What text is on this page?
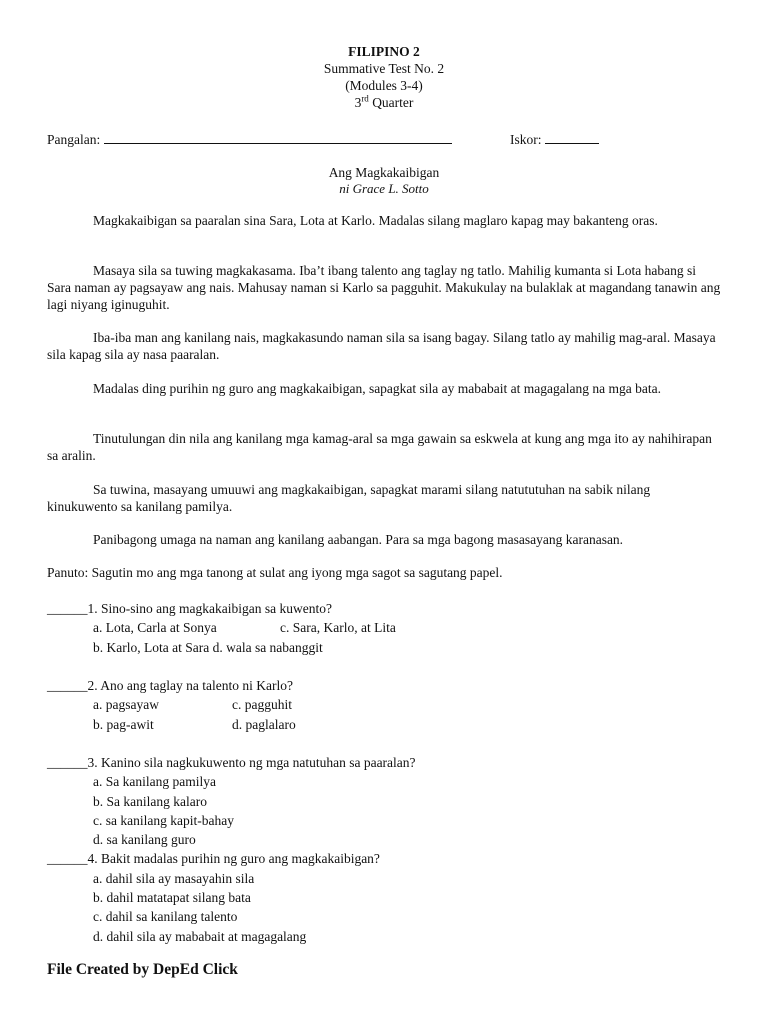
FILIPINO 2
Summative Test No. 2
(Modules 3-4)
3rd Quarter
Pangalan:	Iskor:
Ang Magkakaibigan
ni Grace L. Sotto
Magkakaibigan sa paaralan sina Sara, Lota at Karlo. Madalas silang maglaro kapag may bakanteng oras.
Masaya sila sa tuwing magkakasama. Iba’t ibang talento ang taglay ng tatlo. Mahilig kumanta si Lota habang si Sara naman ay pagsayaw ang nais. Mahusay naman si Karlo sa pagguhit. Makukulay na bulaklak at magandang tanawin ang lagi niyang iginuguhit.
Iba-iba man ang kanilang nais, magkakasundo naman sila sa isang bagay. Silang tatlo ay mahilig mag-aral. Masaya sila kapag sila ay nasa paaralan.
Madalas ding purihin ng guro ang magkakaibigan, sapagkat sila ay mababait at magagalang na mga bata.
Tinutulungan din nila ang kanilang mga kamag-aral sa mga gawain sa eskwela at kung ang mga ito ay nahihirapan sa aralin.
Sa tuwina, masayang umuuwi ang magkakaibigan, sapagkat marami silang natututuhan na sabik nilang kinukuwento sa kanilang pamilya.
Panibagong umaga na naman ang kanilang aabangan. Para sa mga bagong masasayang karanasan.
Panuto: Sagutin mo ang mga tanong at sulat ang iyong mga sagot sa sagutang papel.
______1. Sino-sino ang magkakaibigan sa kuwento?
a. Lota, Carla at Sonya	c. Sara, Karlo, at Lita
b. Karlo, Lota at Sara d. wala sa nabanggit
______2. Ano ang taglay na talento ni Karlo?
a. pagsayaw	c. pagguhit
b. pag-awit	d. paglalaro
______3. Kanino sila nagkukuwento ng mga natutuhan sa paaralan?
a. Sa kanilang pamilya
b. Sa kanilang kalaro
c. sa kanilang kapit-bahay
d. sa kanilang guro
______4. Bakit madalas purihin ng guro ang magkakaibigan?
a. dahil sila ay masayahin sila
b. dahil matatapat silang bata
c. dahil sa kanilang talento
d. dahil sila ay mababait at magagalang
File Created by DepEd Click
